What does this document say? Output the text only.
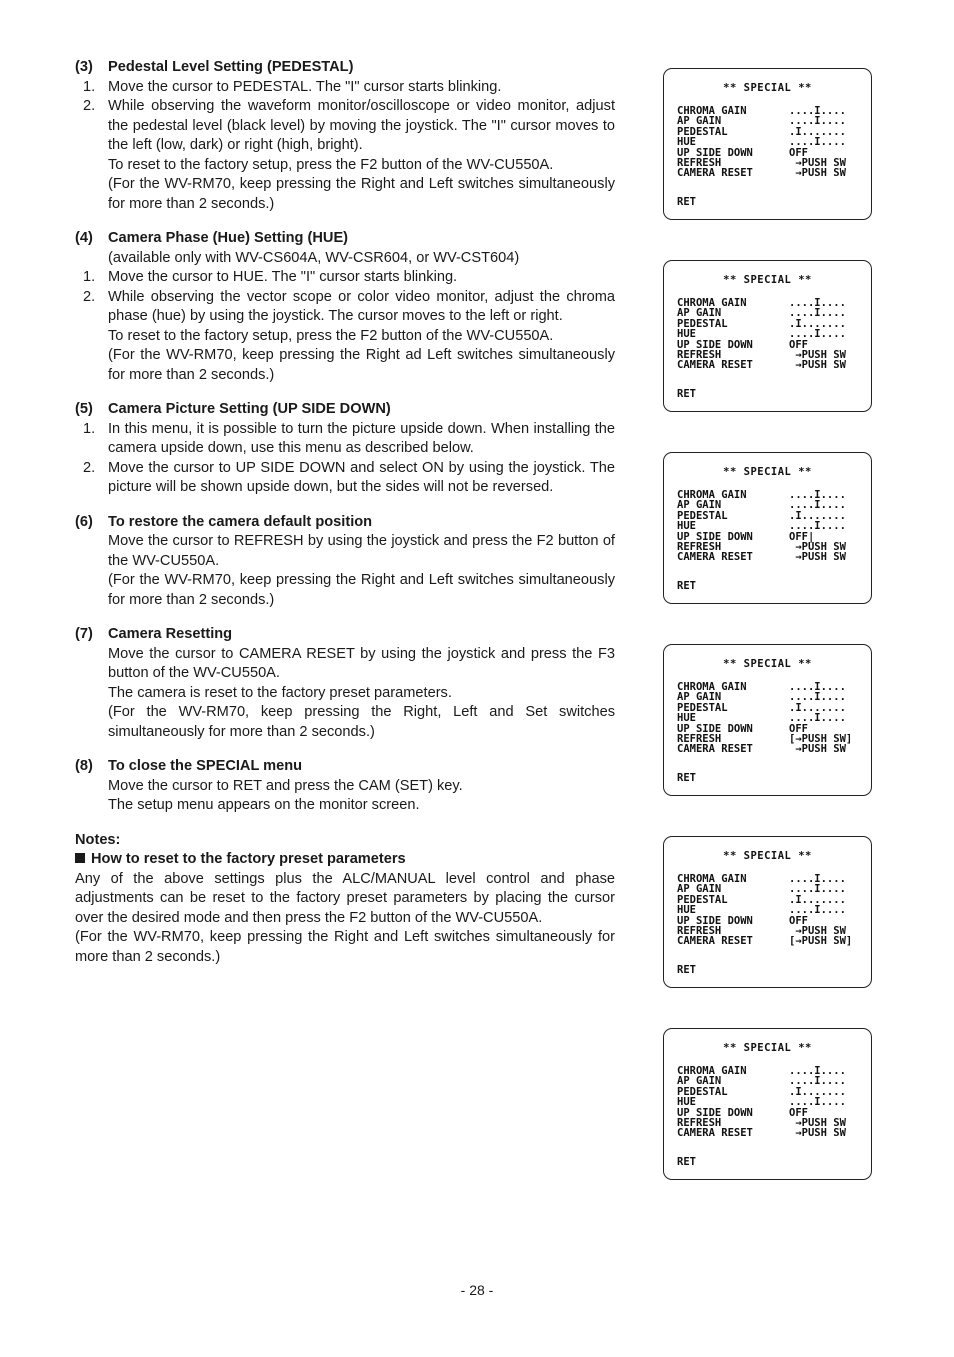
(3) Pedestal Level Setting (PEDESTAL)
1. Move the cursor to PEDESTAL. The "I" cursor starts blinking.
2. While observing the waveform monitor/oscilloscope or video monitor, adjust the pedestal level (black level) by moving the joystick. The "I" cursor moves to the left (low, dark) or right (high, bright).
To reset to the factory setup, press the F2 button of the WV-CU550A.
(For the WV-RM70, keep pressing the Right and Left switches simultaneously for more than 2 seconds.)
(4) Camera Phase (Hue) Setting (HUE)
(available only with WV-CS604A, WV-CSR604, or WV-CST604)
1. Move the cursor to HUE. The "I" cursor starts blinking.
2. While observing the vector scope or color video monitor, adjust the chroma phase (hue) by using the joystick. The cursor moves to the left or right.
To reset to the factory setup, press the F2 button of the WV-CU550A.
(For the WV-RM70, keep pressing the Right ad Left switches simultaneously for more than 2 seconds.)
(5) Camera Picture Setting (UP SIDE DOWN)
1. In this menu, it is possible to turn the picture upside down. When installing the camera upside down, use this menu as described below.
2. Move the cursor to UP SIDE DOWN and select ON by using the joystick. The picture will be shown upside down, but the sides will not be reversed.
(6) To restore the camera default position
Move the cursor to REFRESH by using the joystick and press the F2 button of the WV-CU550A.
(For the WV-RM70, keep pressing the Right and Left switches simultaneously for more than 2 seconds.)
(7) Camera Resetting
Move the cursor to CAMERA RESET by using the joystick and press the F3 button of the WV-CU550A.
The camera is reset to the factory preset parameters.
(For the WV-RM70, keep pressing the Right, Left and Set switches simultaneously for more than 2 seconds.)
(8) To close the SPECIAL menu
Move the cursor to RET and press the CAM (SET) key.
The setup menu appears on the monitor screen.
Notes:
How to reset to the factory preset parameters
Any of the above settings plus the ALC/MANUAL level control and phase adjustments can be reset to the factory preset parameters by placing the cursor over the desired mode and then press the F2 button of the WV-CU550A.
(For the WV-RM70, keep pressing the Right and Left switches simultaneously for more than 2 seconds.)
** SPECIAL **
CHROMA GAIN	....I....
AP GAIN	....I....
PEDESTAL	.I.......
HUE	....I....
UP SIDE DOWN	OFF
REFRESH	→PUSH SW
CAMERA RESET	→PUSH SW
RET
** SPECIAL **
CHROMA GAIN	....I....
AP GAIN	....I....
PEDESTAL	.I.......
HUE	....I....
UP SIDE DOWN	OFF
REFRESH	→PUSH SW
CAMERA RESET	→PUSH SW
RET
** SPECIAL **
CHROMA GAIN	....I....
AP GAIN	....I....
PEDESTAL	.I.......
HUE	....I....
UP SIDE DOWN	OFF|
REFRESH	→PUSH SW
CAMERA RESET	→PUSH SW
RET
** SPECIAL **
CHROMA GAIN	....I....
AP GAIN	....I....
PEDESTAL	.I.......
HUE	....I....
UP SIDE DOWN	OFF
REFRESH	[→PUSH SW]
CAMERA RESET	→PUSH SW
RET
** SPECIAL **
CHROMA GAIN	....I....
AP GAIN	....I....
PEDESTAL	.I.......
HUE	....I....
UP SIDE DOWN	OFF
REFRESH	→PUSH SW
CAMERA RESET	[→PUSH SW]
RET
** SPECIAL **
CHROMA GAIN	....I....
AP GAIN	....I....
PEDESTAL	.I.......
HUE	....I....
UP SIDE DOWN	OFF
REFRESH	→PUSH SW
CAMERA RESET	→PUSH SW
RET
- 28 -
